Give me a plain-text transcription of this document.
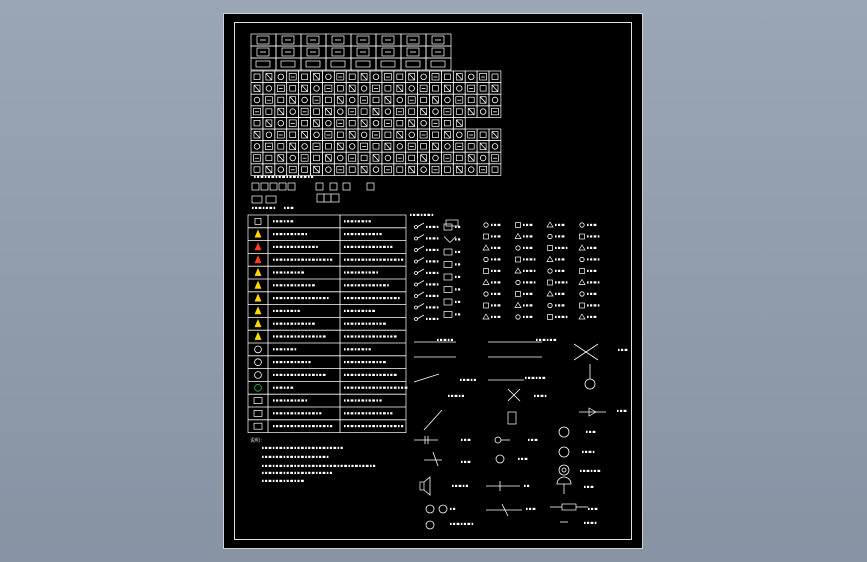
说明：
